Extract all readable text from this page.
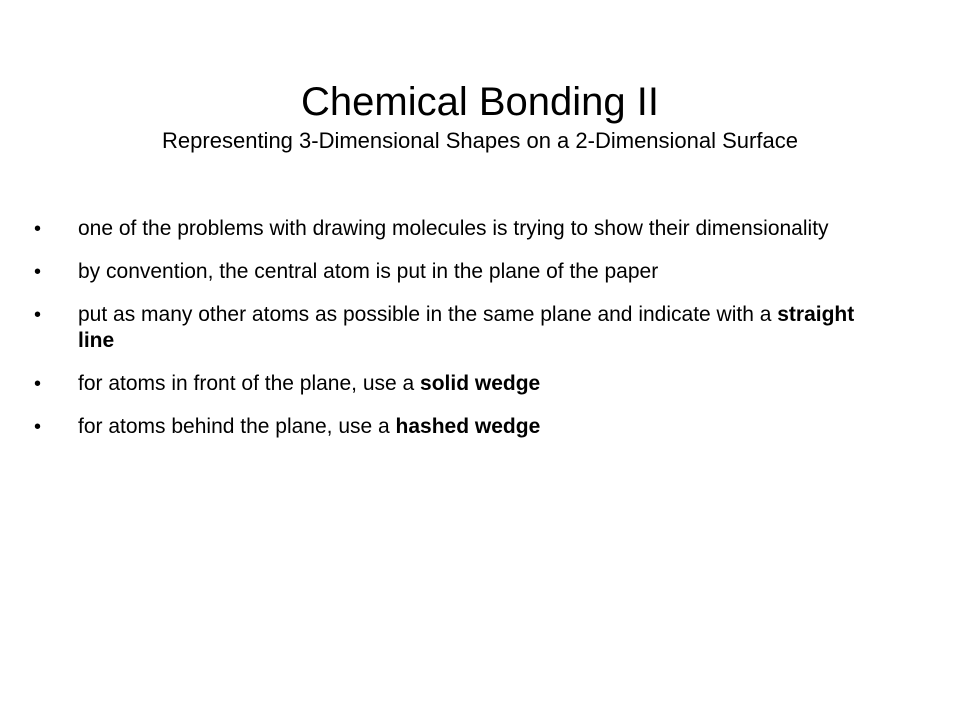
Chemical Bonding II
Representing 3-Dimensional Shapes on a 2-Dimensional Surface
• one of the problems with drawing molecules is trying to show their dimensionality
• by convention, the central atom is put in the plane of the paper
• put as many other atoms as possible in the same plane and indicate with a straight line
• for atoms in front of the plane, use a solid wedge
• for atoms behind the plane, use a hashed wedge
